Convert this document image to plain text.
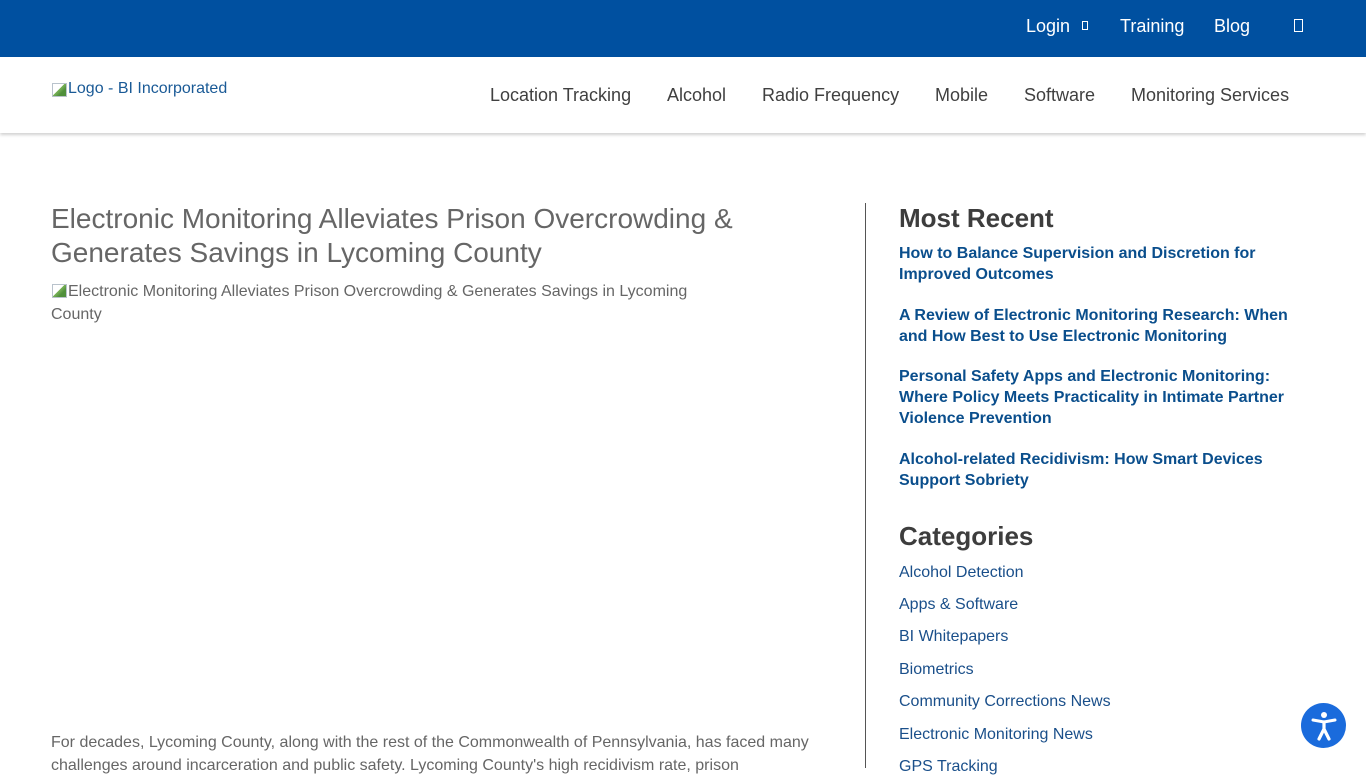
Login	Training Blog
Logo - BI Incorporated	Location Tracking Alcohol Radio Frequency Mobile Software Monitoring Services
Electronic Monitoring Alleviates Prison Overcrowding & Generates Savings in Lycoming County
Electronic Monitoring Alleviates Prison Overcrowding & Generates Savings in Lycoming County

For decades, Lycoming County, along with the rest of the Commonwealth of Pennsylvania, has faced many challenges around incarceration and public safety. Lycoming County's high recidivism rate, prison

Most Recent
How to Balance Supervision and Discretion for Improved Outcomes
A Review of Electronic Monitoring Research: When and How Best to Use Electronic Monitoring
Personal Safety Apps and Electronic Monitoring: Where Policy Meets Practicality in Intimate Partner Violence Prevention
Alcohol-related Recidivism: How Smart Devices Support Sobriety
Categories
Alcohol Detection
Apps & Software
BI Whitepapers
Biometrics
Community Corrections News
Electronic Monitoring News
GPS Tracking
